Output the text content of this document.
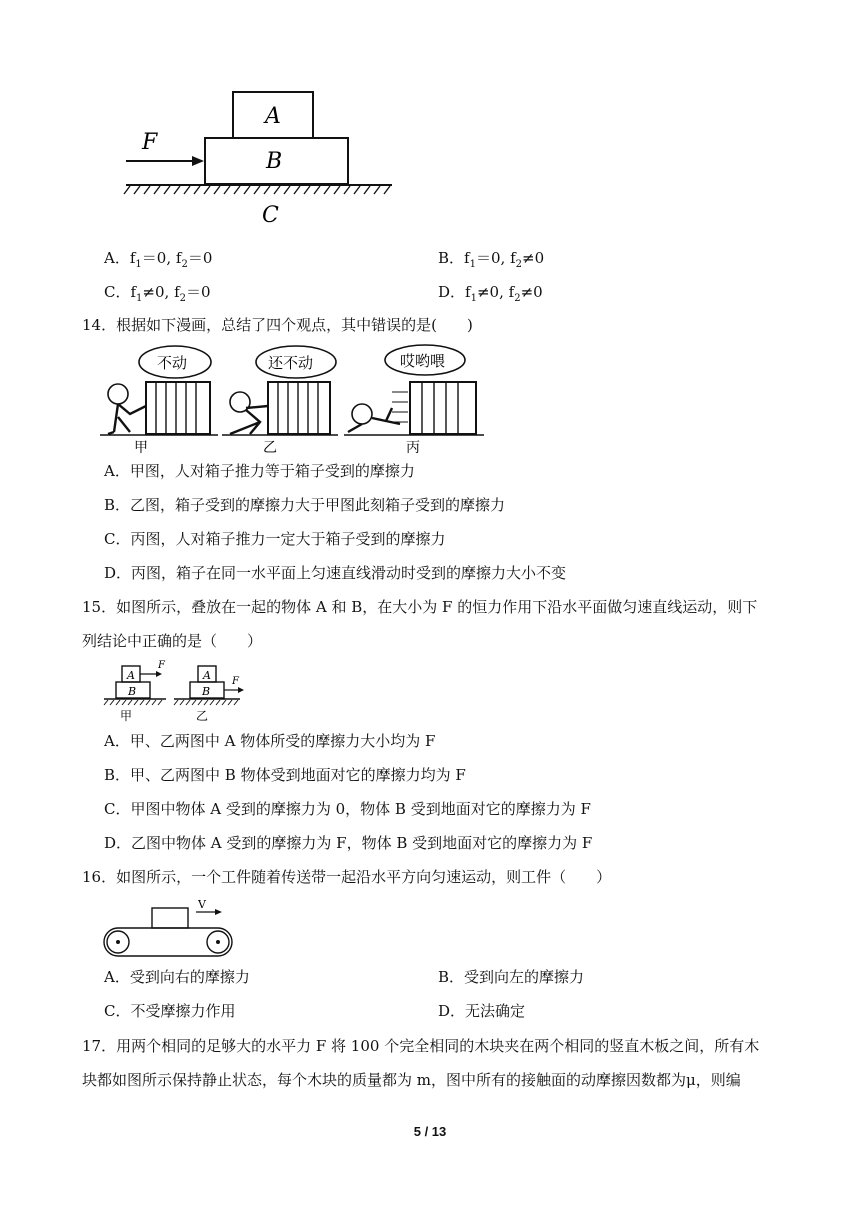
F
A
B
C
A．$f_1=0$, $f_2=0$	B．$f_1=0$, $f_2\ne 0$
C．$f_1\ne 0$, $f_2=0$	D．$f_1\ne 0$, $f_2\ne 0$
14．根据如下漫画，总结了四个观点，其中错误的是(　　)
不动
甲
还不动
乙
哎哟喂
丙
A．甲图，人对箱子推力等于箱子受到的摩擦力
B．乙图，箱子受到的摩擦力大于甲图此刻箱子受到的摩擦力
C．丙图，人对箱子推力一定大于箱子受到的摩擦力
D．丙图，箱子在同一水平面上匀速直线滑动时受到的摩擦力大小不变
15．如图所示，叠放在一起的物体 A 和 B，在大小为 F 的恒力作用下沿水平面做匀速直线运动，则下
列结论中正确的是（　　）
F
A
B
甲
F
A
B
乙
A．甲、乙两图中 A 物体所受的摩擦力大小均为 F
B．甲、乙两图中 B 物体受到地面对它的摩擦力均为 F
C．甲图中物体 A 受到的摩擦力为 0，物体 B 受到地面对它的摩擦力为 F
D．乙图中物体 A 受到的摩擦力为 F，物体 B 受到地面对它的摩擦力为 F
16．如图所示，一个工件随着传送带一起沿水平方向匀速运动，则工件（　　）
V
A．受到向右的摩擦力	B．受到向左的摩擦力
C．不受摩擦力作用	D．无法确定
17．用两个相同的足够大的水平力 F 将 100 个完全相同的木块夹在两个相同的竖直木板之间，所有木
块都如图所示保持静止状态，每个木块的质量都为 m，图中所有的接触面的动摩擦因数都为μ，则编
5 / 13
